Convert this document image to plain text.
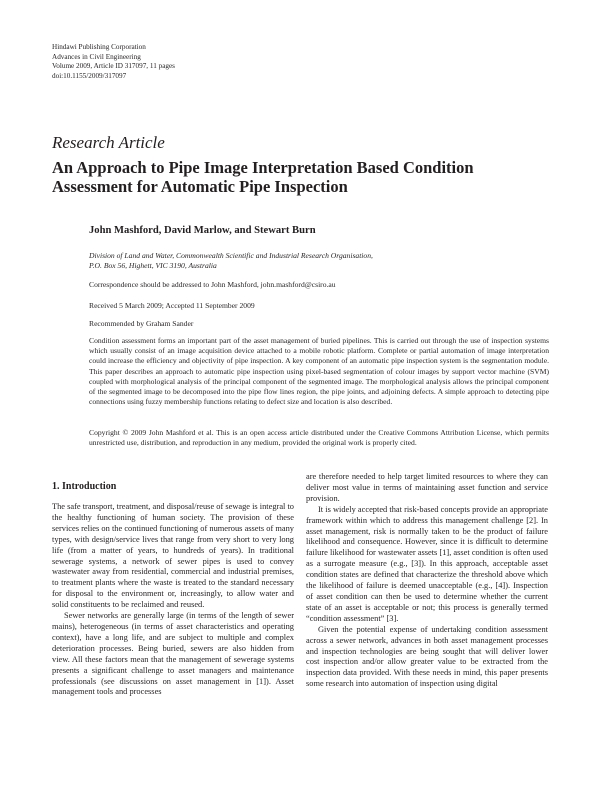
Hindawi Publishing Corporation
Advances in Civil Engineering
Volume 2009, Article ID 317097, 11 pages
doi:10.1155/2009/317097
Research Article
An Approach to Pipe Image Interpretation Based Condition
Assessment for Automatic Pipe Inspection
John Mashford, David Marlow, and Stewart Burn
Division of Land and Water, Commonwealth Scientific and Industrial Research Organisation,
P.O. Box 56, Highett, VIC 3190, Australia
Correspondence should be addressed to John Mashford, john.mashford@csiro.au
Received 5 March 2009; Accepted 11 September 2009
Recommended by Graham Sander
Condition assessment forms an important part of the asset management of buried pipelines. This is carried out through the use of inspection systems which usually consist of an image acquisition device attached to a mobile robotic platform. Complete or partial automation of image interpretation could increase the efficiency and objectivity of pipe inspection. A key component of an automatic pipe inspection system is the segmentation module. This paper describes an approach to automatic pipe inspection using pixel-based segmentation of colour images by support vector machine (SVM) coupled with morphological analysis of the principal component of the segmented image. The morphological analysis allows the principal component of the segmented image to be decomposed into the pipe flow lines region, the pipe joints, and adjoining defects. A simple approach to detecting pipe connections using fuzzy membership functions relating to defect size and location is also described.
Copyright © 2009 John Mashford et al. This is an open access article distributed under the Creative Commons Attribution License, which permits unrestricted use, distribution, and reproduction in any medium, provided the original work is properly cited.
1. Introduction

The safe transport, treatment, and disposal/reuse of sewage is integral to the healthy functioning of human society. The provision of these services relies on the continued functioning of numerous assets of many types, with design/service lives that range from very short to very long life (from a matter of years, to hundreds of years). In traditional sewerage systems, a network of sewer pipes is used to convey wastewater away from residential, commercial and industrial premises, to treatment plants where the waste is treated to the standard necessary for disposal to the environment or, increasingly, to allow water and solid constituents to be reclaimed and reused.

Sewer networks are generally large (in terms of the length of sewer mains), heterogeneous (in terms of asset characteristics and operating context), have a long life, and are subject to multiple and complex deterioration processes. Being buried, sewers are also hidden from view. All these factors mean that the management of sewerage systems presents a significant challenge to asset managers and maintenance professionals (see discussions on asset management in [1]). Asset management tools and processes

are therefore needed to help target limited resources to where they can deliver most value in terms of maintaining asset function and service provision.

It is widely accepted that risk-based concepts provide an appropriate framework within which to address this management challenge [2]. In asset management, risk is normally taken to be the product of failure likelihood and consequence. However, since it is difficult to determine failure likelihood for wastewater assets [1], asset condition is often used as a surrogate measure (e.g., [3]). In this approach, acceptable asset condition states are defined that characterize the threshold above which the likelihood of failure is deemed unacceptable (e.g., [4]). Inspection of asset condition can then be used to determine whether the current state of an asset is acceptable or not; this process is generally termed “condition assessment” [3].

Given the potential expense of undertaking condition assessment across a sewer network, advances in both asset management processes and inspection technologies are being sought that will deliver lower cost inspection and/or allow greater value to be extracted from the inspection data provided. With these needs in mind, this paper presents some research into automation of inspection using digital
